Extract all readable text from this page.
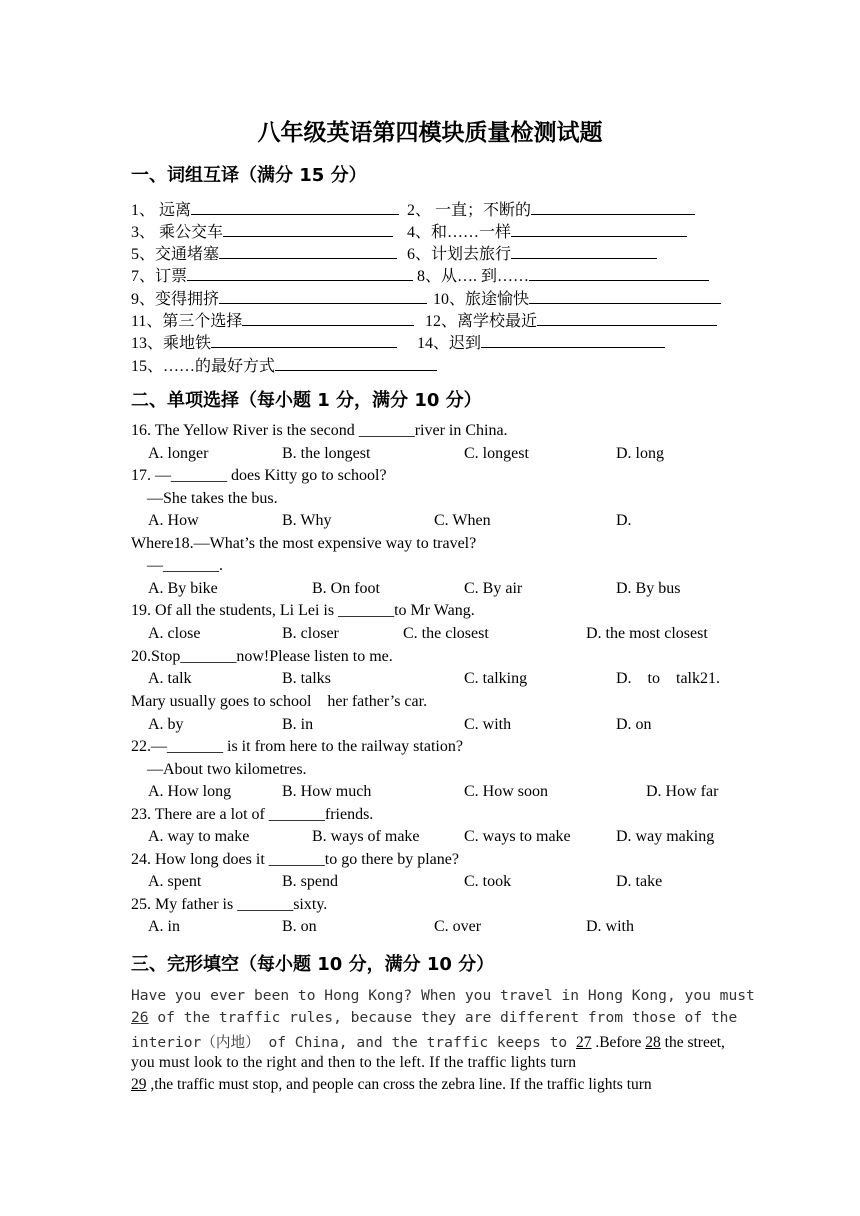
八年级英语第四模块质量检测试题
一、词组互译（满分 15 分）
1、 远离	2、 一直；不断的
3、 乘公交车	4、和……一样
5、交通堵塞	6、计划去旅行
7、订票	8、从…. 到……
9、变得拥挤	10、旅途愉快
11、第三个选择	12、离学校最近
13、乘地铁	14、迟到
15、……的最好方式
二、单项选择（每小题 1 分，满分 10 分）
16. The Yellow River is the second _______river in China.
A. longer	B. the longest	C. longest	D. long
17. —_______ does Kitty go to school?
—She takes the bus.
A. How	B. Why	C. When	D.
Where18.—What’s the most expensive way to travel?
—_______.
A. By bike	B. On foot	C. By air	D. By bus
19. Of all the students, Li Lei is _______to Mr Wang.
A. close	B. closer	C. the closest	D. the most closest
20.Stop_______now!Please listen to me.
A. talk	B. talks	C. talking	D.    to    talk21.
Mary usually goes to school    her father’s car.
A. by	B. in	C. with	D. on
22.—_______ is it from here to the railway station?
—About two kilometres.
A. How long	B. How much	C. How soon	D. How far
23. There are a lot of _______friends.
A. way to make	B. ways of make	C. ways to make	D. way making
24. How long does it _______to go there by plane?
A. spent	B. spend	C. took	D. take
25. My father is _______sixty.
A. in	B. on	C. over	D. with
三、完形填空（每小题 10 分，满分 10 分）
Have you ever been to Hong Kong? When you travel in Hong Kong, you must
26 of the traffic rules, because they are different from those of the
interior（内地） of China, and the traffic keeps to 27 .Before 28 the street,
you must look to the right and then to the left. If the traffic lights turn
29 ,the traffic must stop, and people can cross the zebra line. If the traffic lights turn
